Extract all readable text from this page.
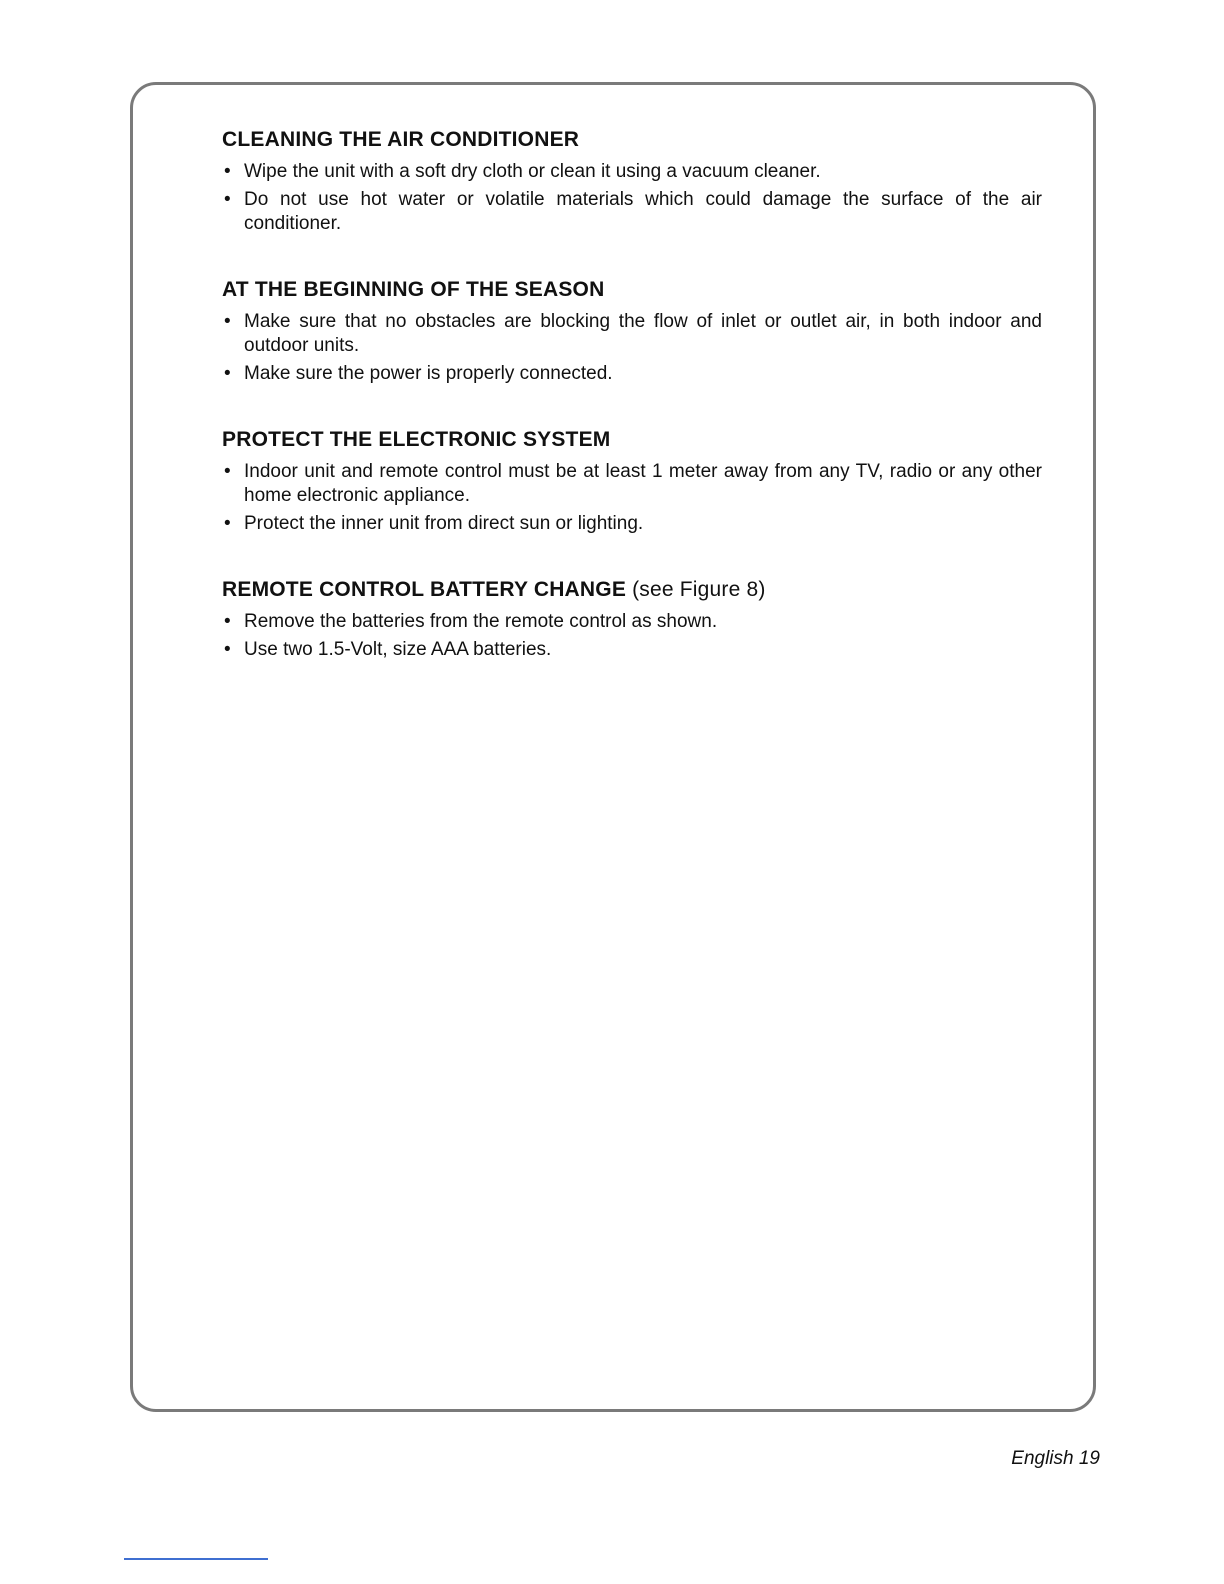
CLEANING THE AIR CONDITIONER
• Wipe the unit with a soft dry cloth or clean it using a vacuum cleaner.
• Do not use hot water or volatile materials which could damage the surface of the air conditioner.
AT THE BEGINNING OF THE SEASON
• Make sure that no obstacles are blocking the flow of inlet or outlet air, in both indoor and outdoor units.
• Make sure the power is properly connected.
PROTECT THE ELECTRONIC SYSTEM
• Indoor unit and remote control must be at least 1 meter away from any TV, radio or any other home electronic appliance.
• Protect the inner unit from direct sun or lighting.
REMOTE CONTROL BATTERY CHANGE (see Figure 8)
• Remove the batteries from the remote control as shown.
• Use two 1.5-Volt, size AAA batteries.
English 19
